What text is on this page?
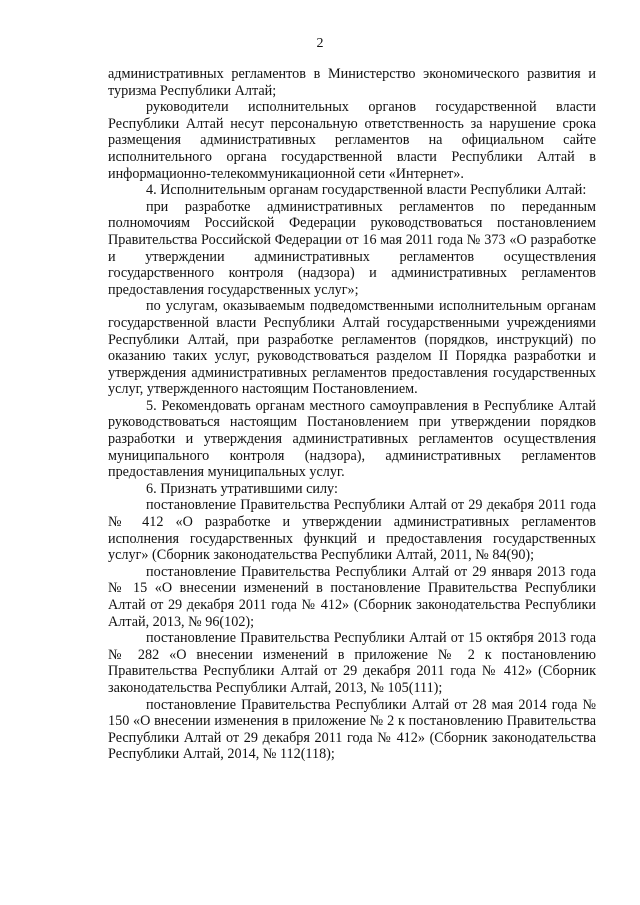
2

административных регламентов в Министерство экономического развития и туризма Республики Алтай;

руководители исполнительных органов государственной власти Республики Алтай несут персональную ответственность за нарушение срока размещения административных регламентов на официальном сайте исполнительного органа государственной власти Республики Алтай в информационно-телекоммуникационной сети «Интернет».

4. Исполнительным органам государственной власти Республики Алтай:

при разработке административных регламентов по переданным полномочиям Российской Федерации руководствоваться постановлением Правительства Российской Федерации от 16 мая 2011 года № 373 «О разработке и утверждении административных регламентов осуществления государственного контроля (надзора) и административных регламентов предоставления государственных услуг»;

по услугам, оказываемым подведомственными исполнительным органам государственной власти Республики Алтай государственными учреждениями Республики Алтай, при разработке регламентов (порядков, инструкций) по оказанию таких услуг, руководствоваться разделом II Порядка разработки и утверждения административных регламентов предоставления государственных услуг, утвержденного настоящим Постановлением.

5. Рекомендовать органам местного самоуправления в Республике Алтай руководствоваться настоящим Постановлением при утверждении порядков разработки и утверждения административных регламентов осуществления муниципального контроля (надзора), административных регламентов предоставления муниципальных услуг.

6. Признать утратившими силу:

постановление Правительства Республики Алтай от 29 декабря 2011 года № 412 «О разработке и утверждении административных регламентов исполнения государственных функций и предоставления государственных услуг» (Сборник законодательства Республики Алтай, 2011, № 84(90);

постановление Правительства Республики Алтай от 29 января 2013 года № 15 «О внесении изменений в постановление Правительства Республики Алтай от 29 декабря 2011 года № 412» (Сборник законодательства Республики Алтай, 2013, № 96(102);

постановление Правительства Республики Алтай от 15 октября 2013 года № 282 «О внесении изменений в приложение № 2 к постановлению Правительства Республики Алтай от 29 декабря 2011 года № 412» (Сборник законодательства Республики Алтай, 2013, № 105(111);

постановление Правительства Республики Алтай от 28 мая 2014 года № 150 «О внесении изменения в приложение № 2 к постановлению Правительства Республики Алтай от 29 декабря 2011 года № 412» (Сборник законодательства Республики Алтай, 2014, № 112(118);
